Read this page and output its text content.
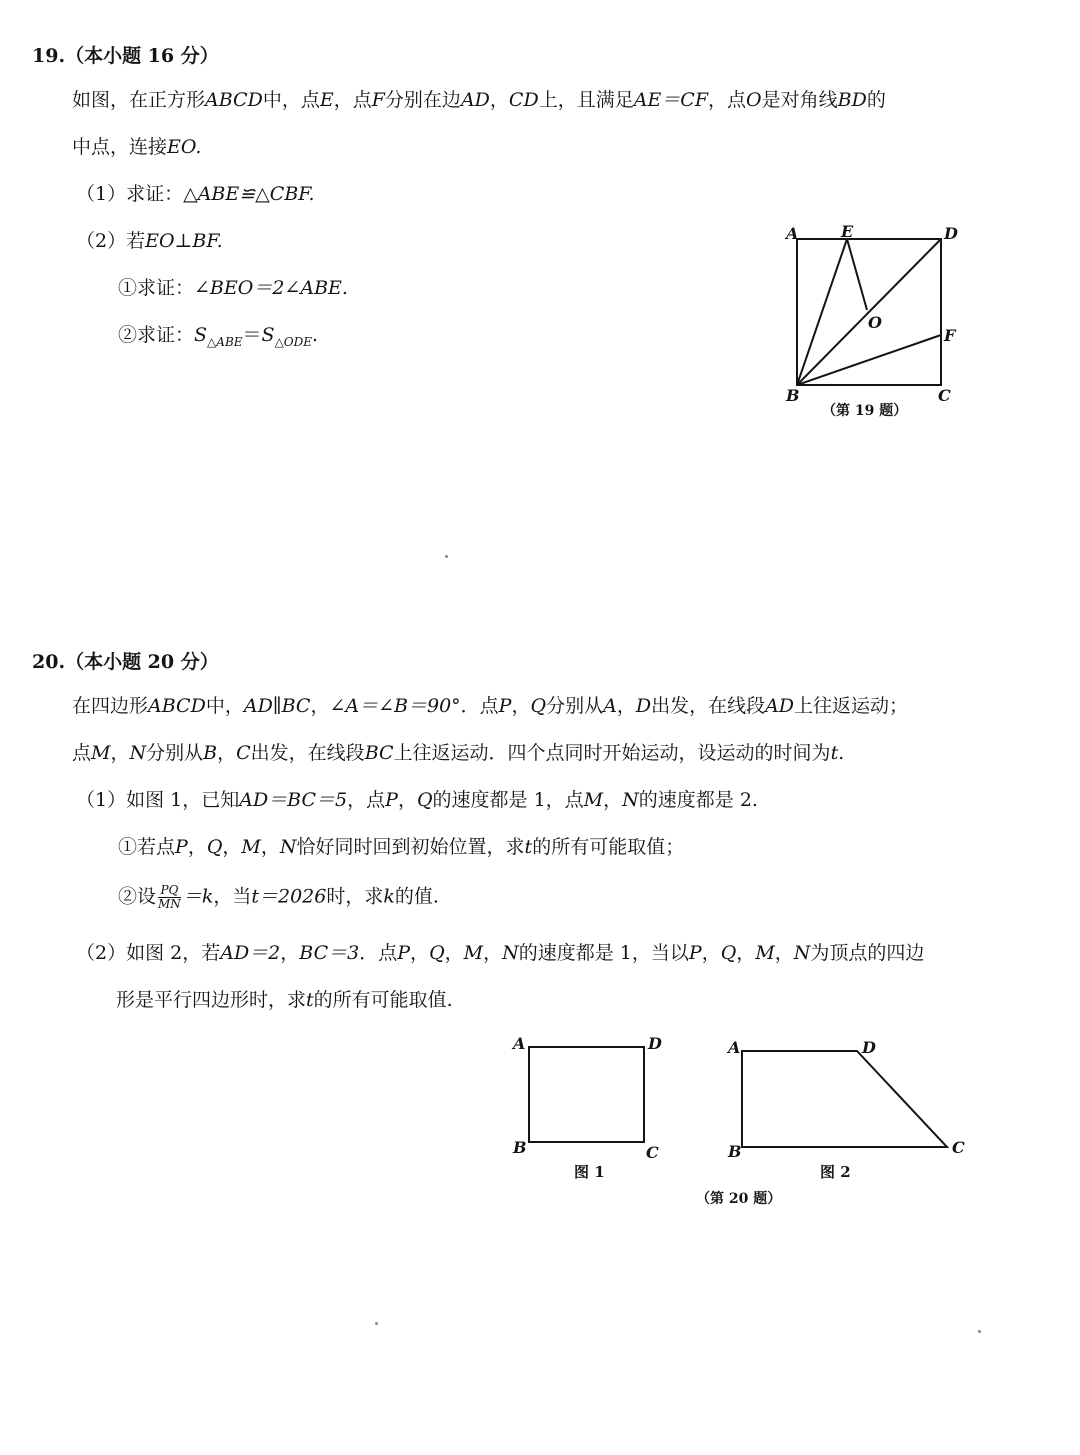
19.（本小题 16 分）
如图，在正方形ABCD中，点E，点F分别在边AD，CD上，且满足AE＝CF，点O是对角线BD的
中点，连接EO.
（1）求证：△ABE≌△CBF.
（2）若EO⊥BF.
①求证：∠BEO＝2∠ABE.
②求证：$S_{\triangle ABE}=S_{\triangle ODE}$.
A	E	D
O
F
B	C
（第 19 题）
20.（本小题 20 分）
在四边形ABCD中，AD∥BC，∠A＝∠B＝90°．点P，Q分别从A，D出发，在线段AD上往返运动；
点M，N分别从B，C出发，在线段BC上往返运动．四个点同时开始运动，设运动的时间为t.
（1）如图 1，已知AD＝BC＝5，点P，Q的速度都是 1，点M，N的速度都是 2.
①若点P，Q，M，N恰好同时回到初始位置，求t的所有可能取值；
②设 $\frac{PQ}{MN} =k$，当t＝2026时，求k的值.
（2）如图 2，若AD＝2，BC＝3．点P，Q，M，N的速度都是 1，当以P，Q，M，N为顶点的四边
形是平行四边形时，求t的所有可能取值.
A	D
B	C
A	D
B	C
图 1	图 2
（第 20 题）
